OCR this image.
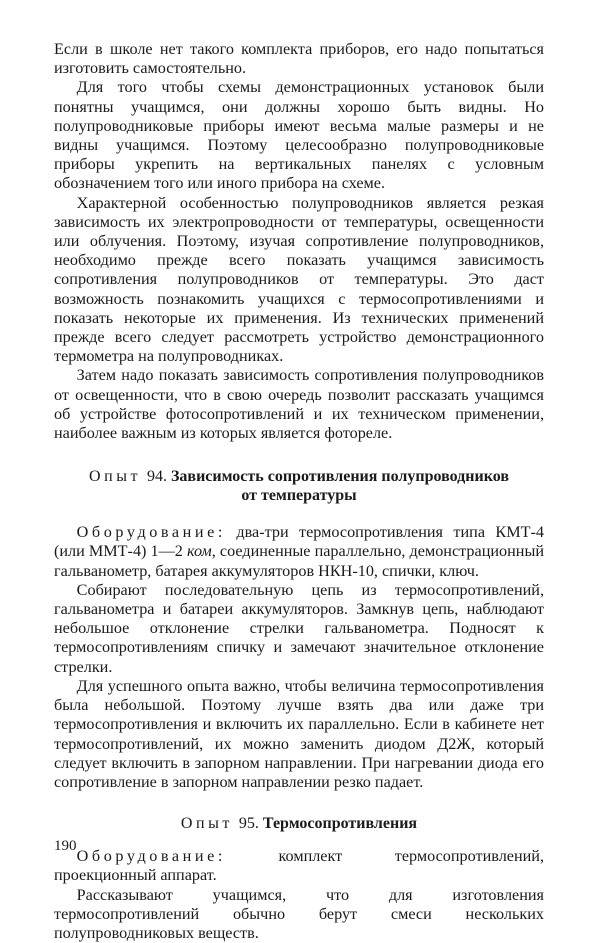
Если в школе нет такого комплекта приборов, его надо попытаться изготовить самостоятельно.

Для того чтобы схемы демонстрационных установок были понятны учащимся, они должны хорошо быть видны. Но полупроводниковые приборы имеют весьма малые размеры и не видны учащимся. Поэтому целесообразно полупроводниковые приборы укрепить на вертикальных панелях с условным обозначением того или иного прибора на схеме.

Характерной особенностью полупроводников является резкая зависимость их электропроводности от температуры, освещенности или облучения. Поэтому, изучая сопротивление полупроводников, необходимо прежде всего показать учащимся зависимость сопротивления полупроводников от температуры. Это даст возможность познакомить учащихся с термосопротивлениями и показать некоторые их применения. Из технических применений прежде всего следует рассмотреть устройство демонстрационного термометра на полупроводниках.

Затем надо показать зависимость сопротивления полупроводников от освещенности, что в свою очередь позволит рассказать учащимся об устройстве фотосопротивлений и их техническом применении, наиболее важным из которых является фотореле.

Опыт 94. Зависимость сопротивления полупроводников
от температуры

Оборудование: два-три термосопротивления типа КМТ-4 (или ММТ-4) 1—2 ком, соединенные параллельно, демонстрационный гальванометр, батарея аккумуляторов НКН-10, спички, ключ.

Собирают последовательную цепь из термосопротивлений, гальванометра и батареи аккумуляторов. Замкнув цепь, наблюдают небольшое отклонение стрелки гальванометра. Подносят к термосопротивлениям спичку и замечают значительное отклонение стрелки.

Для успешного опыта важно, чтобы величина термосопротивления была небольшой. Поэтому лучше взять два или даже три термосопротивления и включить их параллельно. Если в кабинете нет термосопротивлений, их можно заменить диодом Д2Ж, который следует включить в запорном направлении. При нагревании диода его сопротивление в запорном направлении резко падает.

Опыт 95. Термосопротивления

Оборудование: комплект термосопротивлений, проекционный аппарат.

Рассказывают учащимся, что для изготовления термосопротивлений обычно берут смеси нескольких полупроводниковых веществ.

190
